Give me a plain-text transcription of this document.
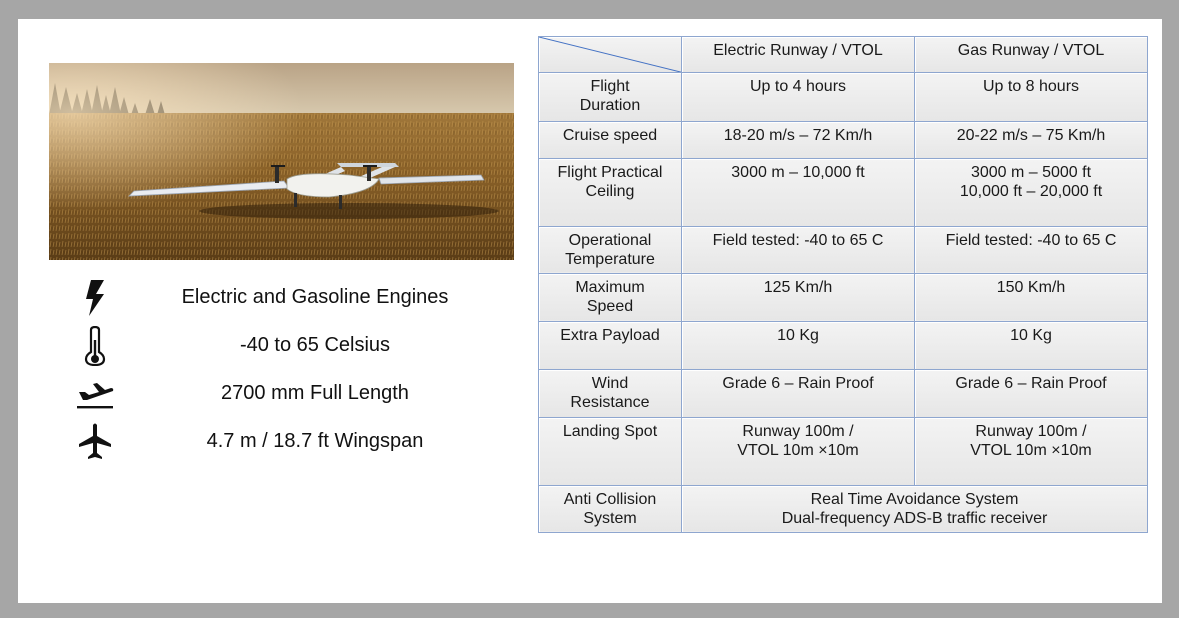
Electric and Gasoline Engines
-40 to 65 Celsius
2700 mm Full Length
4.7 m / 18.7 ft Wingspan
	Electric Runway / VTOL	Gas Runway / VTOL

Flight
Duration	Up to 4 hours	Up to 8 hours

Cruise speed	18-20 m/s – 72 Km/h	20-22 m/s – 75 Km/h

Flight Practical
Ceiling	3000 m – 10,000 ft	3000 m – 5000 ft
10,000 ft – 20,000 ft

Operational
Temperature	Field tested: -40 to 65 C	Field tested: -40 to 65 C

Maximum
Speed	125 Km/h	150 Km/h

Extra Payload	10 Kg	10 Kg

Wind
Resistance	Grade 6 – Rain Proof	Grade 6 – Rain Proof

Landing Spot	Runway 100m /
VTOL 10m ×10m	Runway 100m /
VTOL 10m ×10m

Anti Collision
System	Real Time Avoidance System
Dual-frequency ADS-B traffic receiver	
